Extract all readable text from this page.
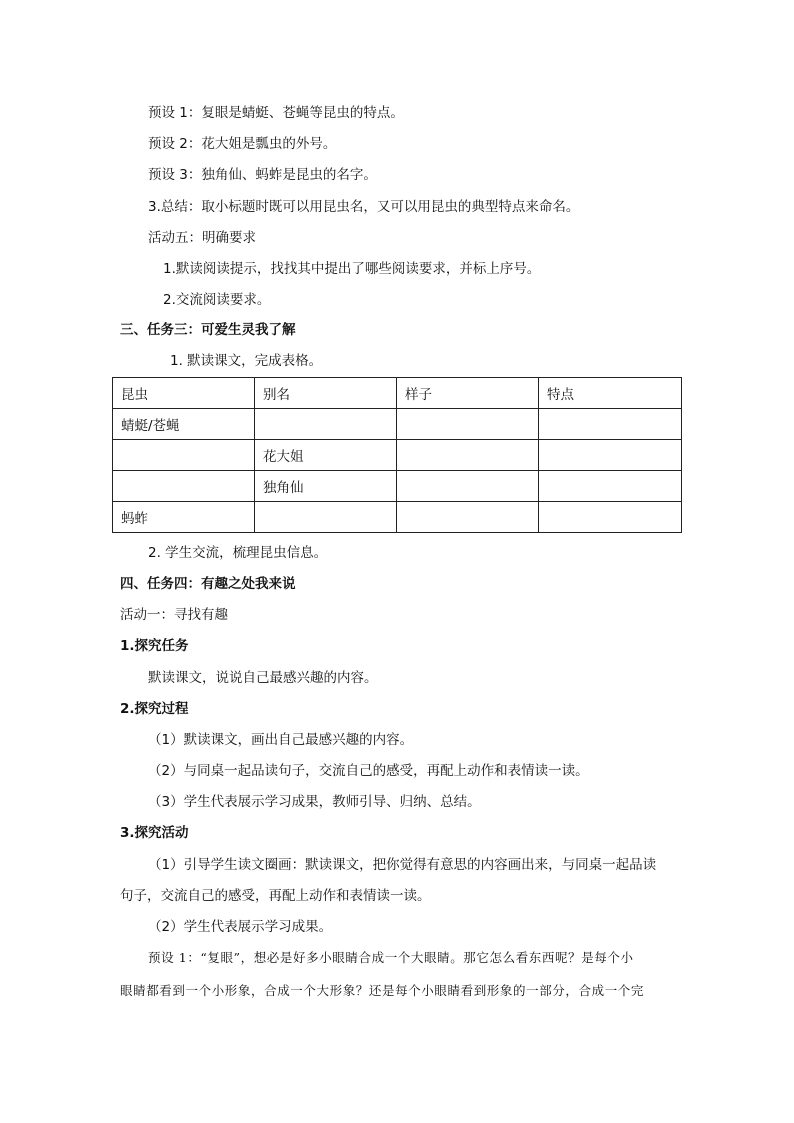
预设 1：复眼是蜻蜓、苍蝇等昆虫的特点。
预设 2：花大姐是瓢虫的外号。
预设 3：独角仙、蚂蚱是昆虫的名字。
3.总结：取小标题时既可以用昆虫名，又可以用昆虫的典型特点来命名。
活动五：明确要求
1.默读阅读提示，找找其中提出了哪些阅读要求，并标上序号。
2.交流阅读要求。
三、任务三：可爱生灵我了解
1. 默读课文，完成表格。
昆虫	别名	样子	特点
蜻蜓/苍蝇			
	花大姐		
	独角仙		
蚂蚱			
2. 学生交流，梳理昆虫信息。
四、任务四：有趣之处我来说
活动一：寻找有趣
1.探究任务
默读课文，说说自己最感兴趣的内容。
2.探究过程
（1）默读课文，画出自己最感兴趣的内容。
（2）与同桌一起品读句子，交流自己的感受，再配上动作和表情读一读。
（3）学生代表展示学习成果，教师引导、归纳、总结。
3.探究活动
（1）引导学生读文圈画：默读课文，把你觉得有意思的内容画出来，与同桌一起品读
句子，交流自己的感受，再配上动作和表情读一读。
（2）学生代表展示学习成果。
预设 1：“复眼”，想必是好多小眼睛合成一个大眼睛。那它怎么看东西呢？是每个小
眼睛都看到一个小形象，合成一个大形象？还是每个小眼睛看到形象的一部分，合成一个完
